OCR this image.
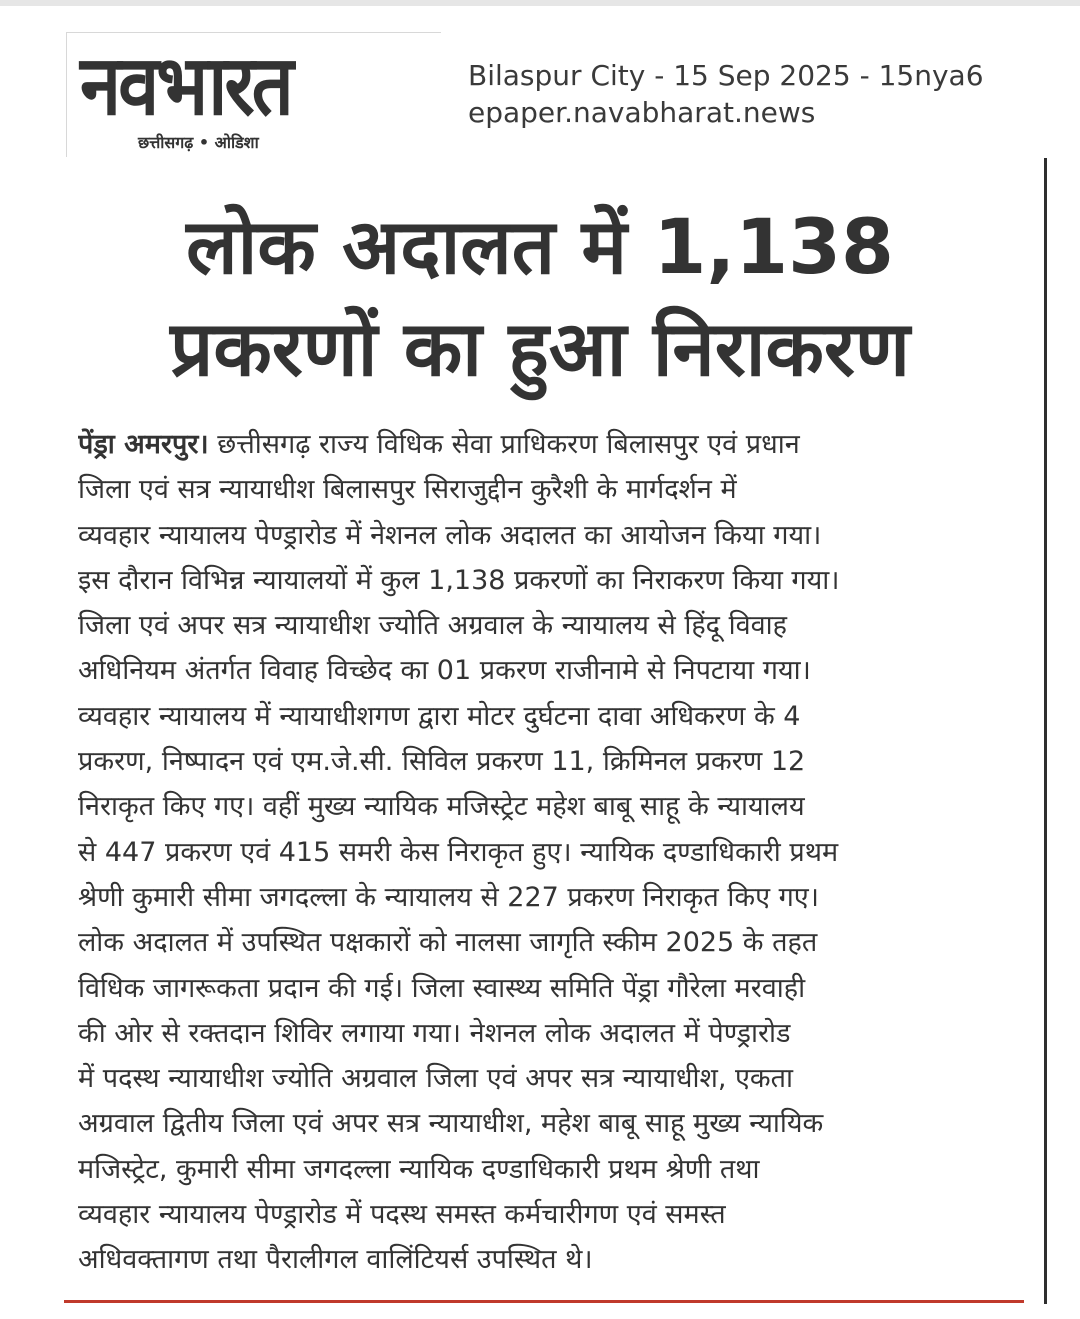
नवभारत
छत्तीसगढ़ • ओडिशा
Bilaspur City - 15 Sep 2025 - 15nya6
epaper.navabharat.news
लोक अदालत में 1,138
प्रकरणों का हुआ निराकरण
पेंड्रा अमरपुर। छत्तीसगढ़ राज्य विधिक सेवा प्राधिकरण बिलासपुर एवं प्रधान
जिला एवं सत्र न्यायाधीश बिलासपुर सिराजुद्दीन कुरैशी के मार्गदर्शन में
व्यवहार न्यायालय पेण्ड्रारोड में नेशनल लोक अदालत का आयोजन किया गया।
इस दौरान विभिन्न न्यायालयों में कुल 1,138 प्रकरणों का निराकरण किया गया।
जिला एवं अपर सत्र न्यायाधीश ज्योति अग्रवाल के न्यायालय से हिंदू विवाह
अधिनियम अंतर्गत विवाह विच्छेद का 01 प्रकरण राजीनामे से निपटाया गया।
व्यवहार न्यायालय में न्यायाधीशगण द्वारा मोटर दुर्घटना दावा अधिकरण के 4
प्रकरण, निष्पादन एवं एम.जे.सी. सिविल प्रकरण 11, क्रिमिनल प्रकरण 12
निराकृत किए गए। वहीं मुख्य न्यायिक मजिस्ट्रेट महेश बाबू साहू के न्यायालय
से 447 प्रकरण एवं 415 समरी केस निराकृत हुए। न्यायिक दण्डाधिकारी प्रथम
श्रेणी कुमारी सीमा जगदल्ला के न्यायालय से 227 प्रकरण निराकृत किए गए।
लोक अदालत में उपस्थित पक्षकारों को नालसा जागृति स्कीम 2025 के तहत
विधिक जागरूकता प्रदान की गई। जिला स्वास्थ्य समिति पेंड्रा गौरेला मरवाही
की ओर से रक्तदान शिविर लगाया गया। नेशनल लोक अदालत में पेण्ड्रारोड
में पदस्थ न्यायाधीश ज्योति अग्रवाल जिला एवं अपर सत्र न्यायाधीश, एकता
अग्रवाल द्वितीय जिला एवं अपर सत्र न्यायाधीश, महेश बाबू साहू मुख्य न्यायिक
मजिस्ट्रेट, कुमारी सीमा जगदल्ला न्यायिक दण्डाधिकारी प्रथम श्रेणी तथा
व्यवहार न्यायालय पेण्ड्रारोड में पदस्थ समस्त कर्मचारीगण एवं समस्त
अधिवक्तागण तथा पैरालीगल वालिंटियर्स उपस्थित थे।
